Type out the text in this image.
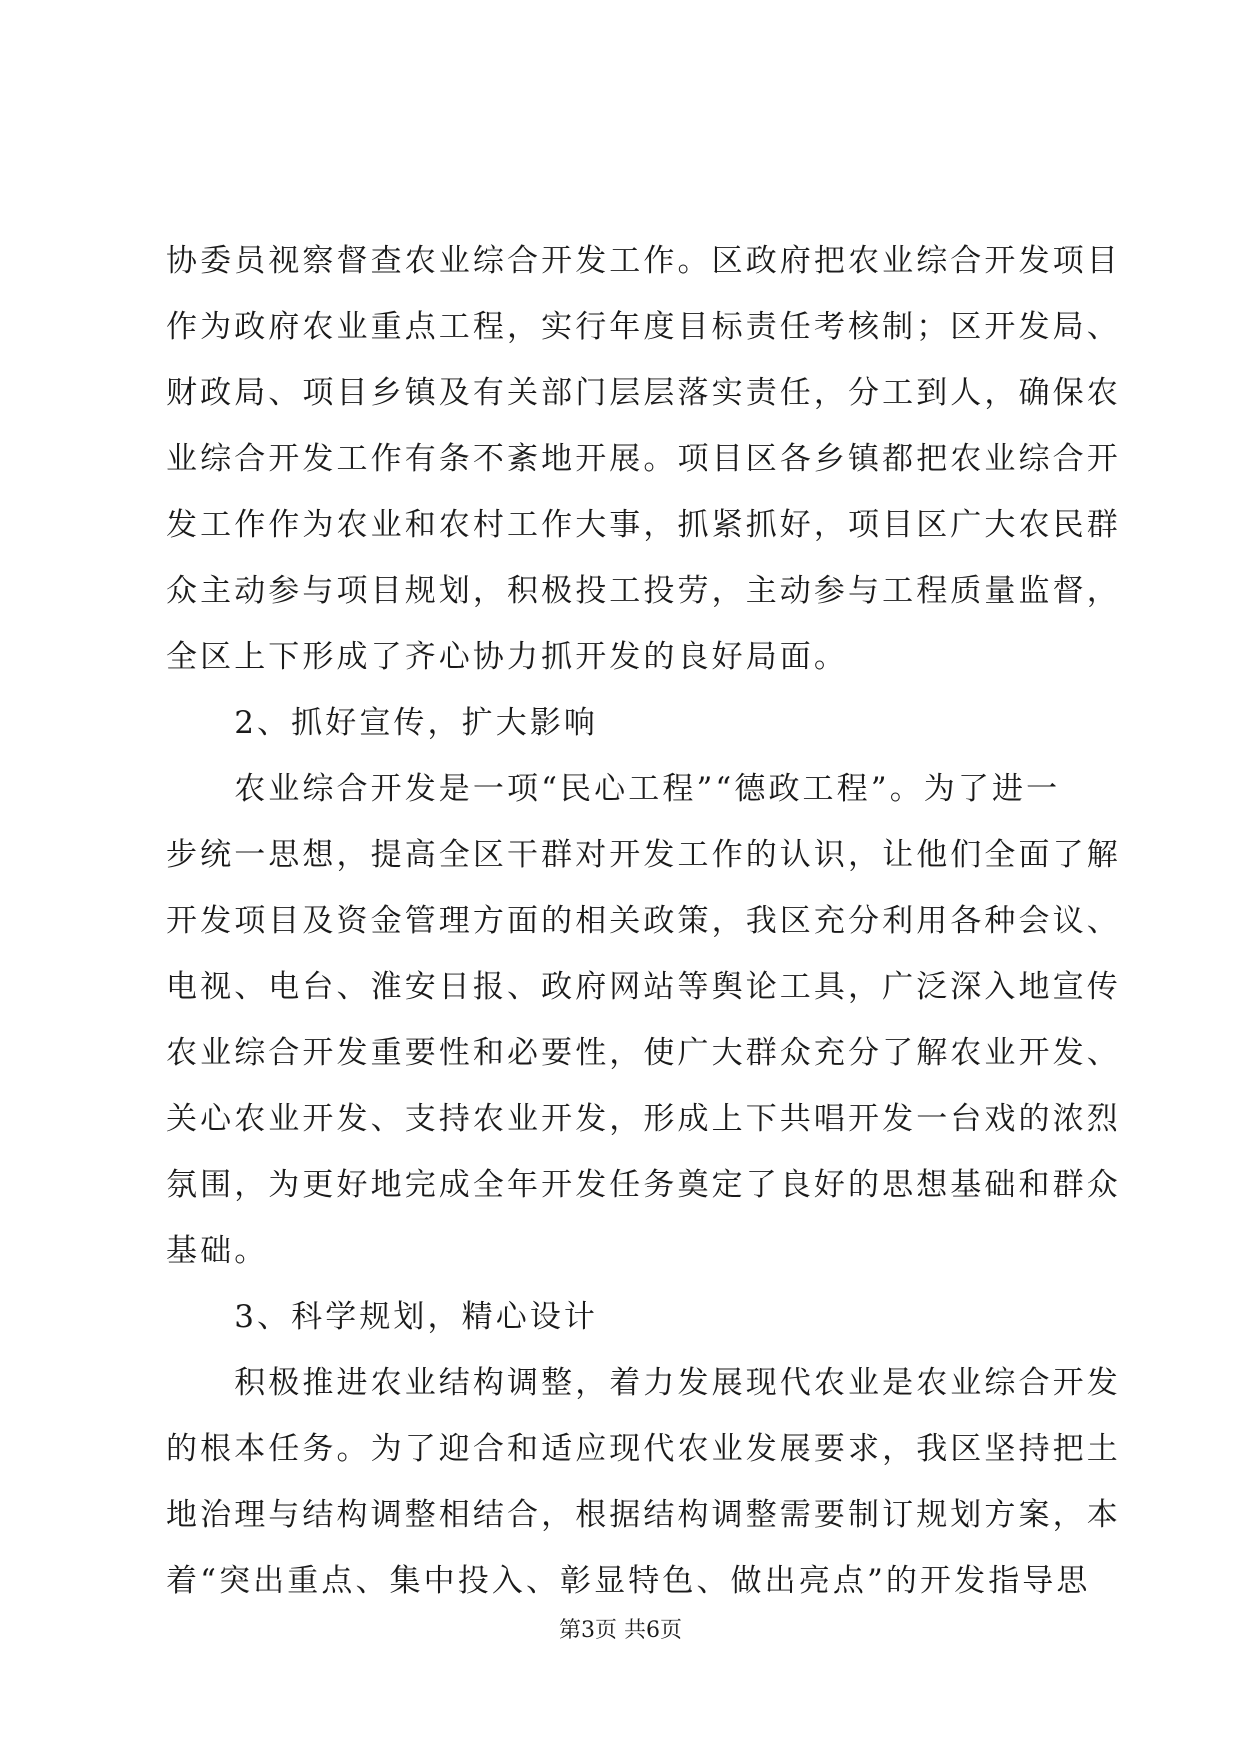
协委员视察督查农业综合开发工作。区政府把农业综合开发项目
作为政府农业重点工程，实行年度目标责任考核制；区开发局、
财政局、项目乡镇及有关部门层层落实责任，分工到人，确保农
业综合开发工作有条不紊地开展。项目区各乡镇都把农业综合开
发工作作为农业和农村工作大事，抓紧抓好，项目区广大农民群
众主动参与项目规划，积极投工投劳，主动参与工程质量监督，
全区上下形成了齐心协力抓开发的良好局面。
　　2、抓好宣传，扩大影响
　　农业综合开发是一项“民心工程”“德政工程”。为了进一
步统一思想，提高全区干群对开发工作的认识，让他们全面了解
开发项目及资金管理方面的相关政策，我区充分利用各种会议、
电视、电台、淮安日报、政府网站等舆论工具，广泛深入地宣传
农业综合开发重要性和必要性，使广大群众充分了解农业开发、
关心农业开发、支持农业开发，形成上下共唱开发一台戏的浓烈
氛围，为更好地完成全年开发任务奠定了良好的思想基础和群众
基础。
　　3、科学规划，精心设计
　　积极推进农业结构调整，着力发展现代农业是农业综合开发
的根本任务。为了迎合和适应现代农业发展要求，我区坚持把土
地治理与结构调整相结合，根据结构调整需要制订规划方案，本
着“突出重点、集中投入、彰显特色、做出亮点”的开发指导思
第3页 共6页
